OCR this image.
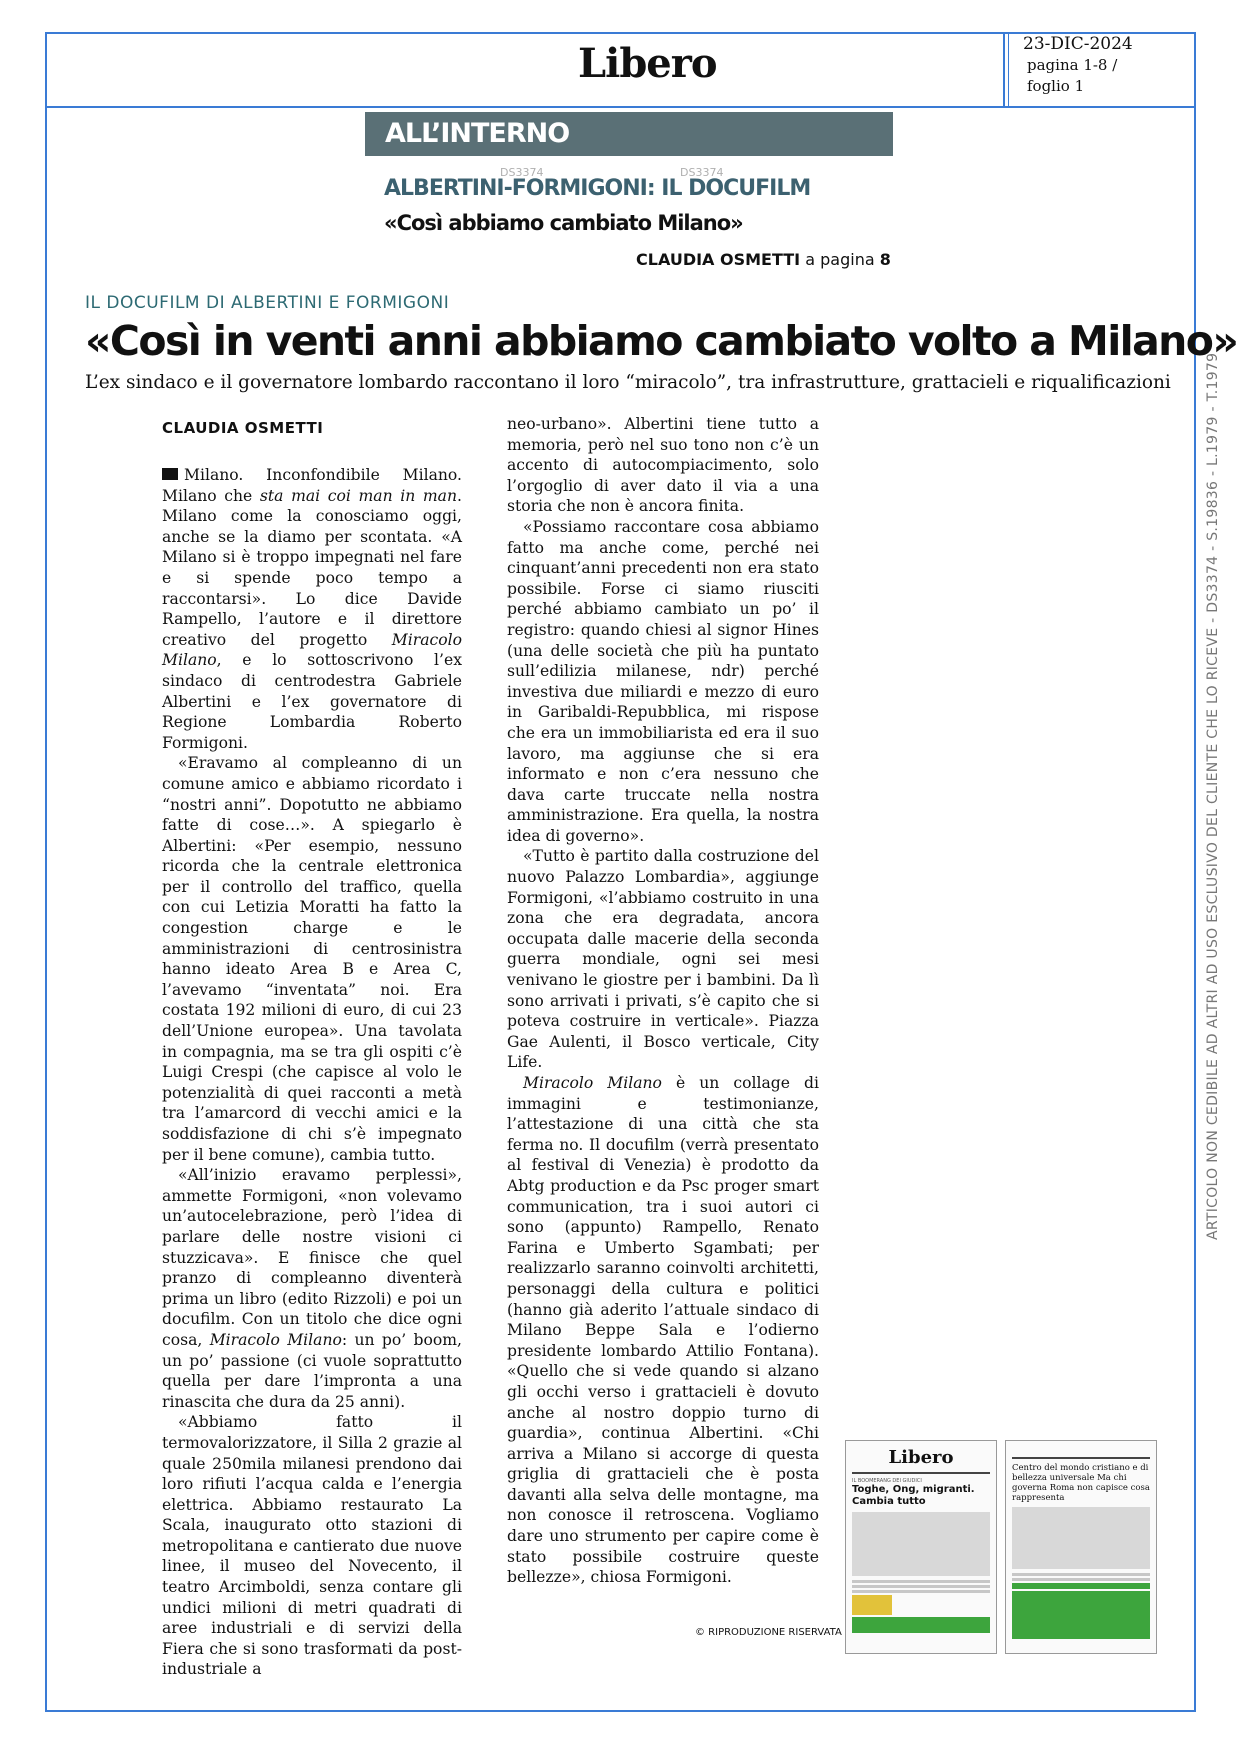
Libero	23-DIC-2024
pagina 1-8 /
foglio 1
ALL’INTERNO
DS3374	DS3374
ALBERTINI-FORMIGONI: IL DOCUFILM
«Così abbiamo cambiato Milano»
CLAUDIA OSMETTI a pagina 8
IL DOCUFILM DI ALBERTINI E FORMIGONI
«Così in venti anni abbiamo cambiato volto a Milano»
L’ex sindaco e il governatore lombardo raccontano il loro “miracolo”, tra infrastrutture, grattacieli e riqualificazioni
CLAUDIA OSMETTI

Milano. Inconfondibile Milano. Milano che sta mai coi man in man. Milano come la conosciamo oggi, anche se la diamo per scontata. «A Milano si è troppo impegnati nel fare e si spende poco tempo a raccontarsi». Lo dice Davide Rampello, l’autore e il direttore creativo del progetto Miracolo Milano, e lo sottoscrivono l’ex sindaco di centrodestra Gabriele Albertini e l’ex governatore di Regione Lombardia Roberto Formigoni.

«Eravamo al compleanno di un comune amico e abbiamo ricordato i “nostri anni”. Dopotutto ne abbiamo fatte di cose…». A spiegarlo è Albertini: «Per esempio, nessuno ricorda che la centrale elettronica per il controllo del traffico, quella con cui Letizia Moratti ha fatto la congestion charge e le amministrazioni di centrosinistra hanno ideato Area B e Area C, l’avevamo “inventata” noi. Era costata 192 milioni di euro, di cui 23 dell’Unione europea». Una tavolata in compagnia, ma se tra gli ospiti c’è Luigi Crespi (che capisce al volo le potenzialità di quei racconti a metà tra l’amarcord di vecchi amici e la soddisfazione di chi s’è impegnato per il bene comune), cambia tutto.

«All’inizio eravamo perplessi», ammette Formigoni, «non volevamo un’autocelebrazione, però l’idea di parlare delle nostre visioni ci stuzzicava». E finisce che quel pranzo di compleanno diventerà prima un libro (edito Rizzoli) e poi un docufilm. Con un titolo che dice ogni cosa, Miracolo Milano: un po’ boom, un po’ passione (ci vuole soprattutto quella per dare l’impronta a una rinascita che dura da 25 anni).

«Abbiamo fatto il termovalorizzatore, il Silla 2 grazie al quale 250mila milanesi prendono dai loro rifiuti l’acqua calda e l’energia elettrica. Abbiamo restaurato La Scala, inaugurato otto stazioni di metropolitana e cantierato due nuove linee, il museo del Novecento, il teatro Arcimboldi, senza contare gli undici milioni di metri quadrati di aree industriali e di servizi della Fiera che si sono trasformati da post-industriale a

neo-urbano». Albertini tiene tutto a memoria, però nel suo tono non c’è un accento di autocompiacimento, solo l’orgoglio di aver dato il via a una storia che non è ancora finita.

«Possiamo raccontare cosa abbiamo fatto ma anche come, perché nei cinquant’anni precedenti non era stato possibile. Forse ci siamo riusciti perché abbiamo cambiato un po’ il registro: quando chiesi al signor Hines (una delle società che più ha puntato sull’edilizia milanese, ndr) perché investiva due miliardi e mezzo di euro in Garibaldi-Repubblica, mi rispose che era un immobiliarista ed era il suo lavoro, ma aggiunse che si era informato e non c’era nessuno che dava carte truccate nella nostra amministrazione. Era quella, la nostra idea di governo».

«Tutto è partito dalla costruzione del nuovo Palazzo Lombardia», aggiunge Formigoni, «l’abbiamo costruito in una zona che era degradata, ancora occupata dalle macerie della seconda guerra mondiale, ogni sei mesi venivano le giostre per i bambini. Da lì sono arrivati i privati, s’è capito che si poteva costruire in verticale». Piazza Gae Aulenti, il Bosco verticale, City Life.

Miracolo Milano è un collage di immagini e testimonianze, l’attestazione di una città che sta ferma no. Il docufilm (verrà presentato al festival di Venezia) è prodotto da Abtg production e da Psc proger smart communication, tra i suoi autori ci sono (appunto) Rampello, Renato Farina e Umberto Sgambati; per realizzarlo saranno coinvolti architetti, personaggi della cultura e politici (hanno già aderito l’attuale sindaco di Milano Beppe Sala e l’odierno presidente lombardo Attilio Fontana). «Quello che si vede quando si alzano gli occhi verso i grattacieli è dovuto anche al nostro doppio turno di guardia», continua Albertini. «Chi arriva a Milano si accorge di questa griglia di grattacieli che è posta davanti alla selva delle montagne, ma non conosce il retroscena. Vogliamo dare uno strumento per capire come è stato possibile costruire queste bellezze», chiosa Formigoni.

© RIPRODUZIONE RISERVATA
ARTICOLO NON CEDIBILE AD ALTRI AD USO ESCLUSIVO DEL CLIENTE CHE LO RICEVE - DS3374 - S.19836 - L.1979 - T.1979
Libero
IL BOOMERANG DEI GIUDICI
Toghe, Ong, migranti. Cambia tutto

Centro del mondo cristiano e di bellezza universale Ma chi governa Roma non capisce cosa rappresenta
